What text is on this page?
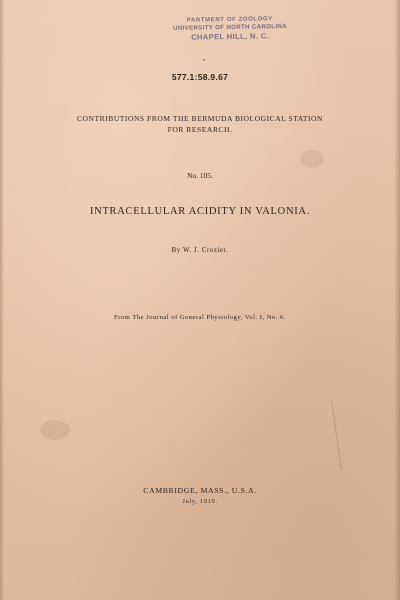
PARTMENT OF ZOOLOGY
UNIVERSITY OF NORTH CAROLINA
CHAPEL HILL, N. C.
•
577.1:58.9.67
CONTRIBUTIONS FROM THE BERMUDA BIOLOGICAL STATION
FOR RESEARCH.
No. 105.
INTRACELLULAR ACIDITY IN VALONIA.
By W. J. Crozier.
From The Journal of General Physiology, Vol. I, No. 6.
CAMBRIDGE, MASS., U.S.A.
July, 1919.
